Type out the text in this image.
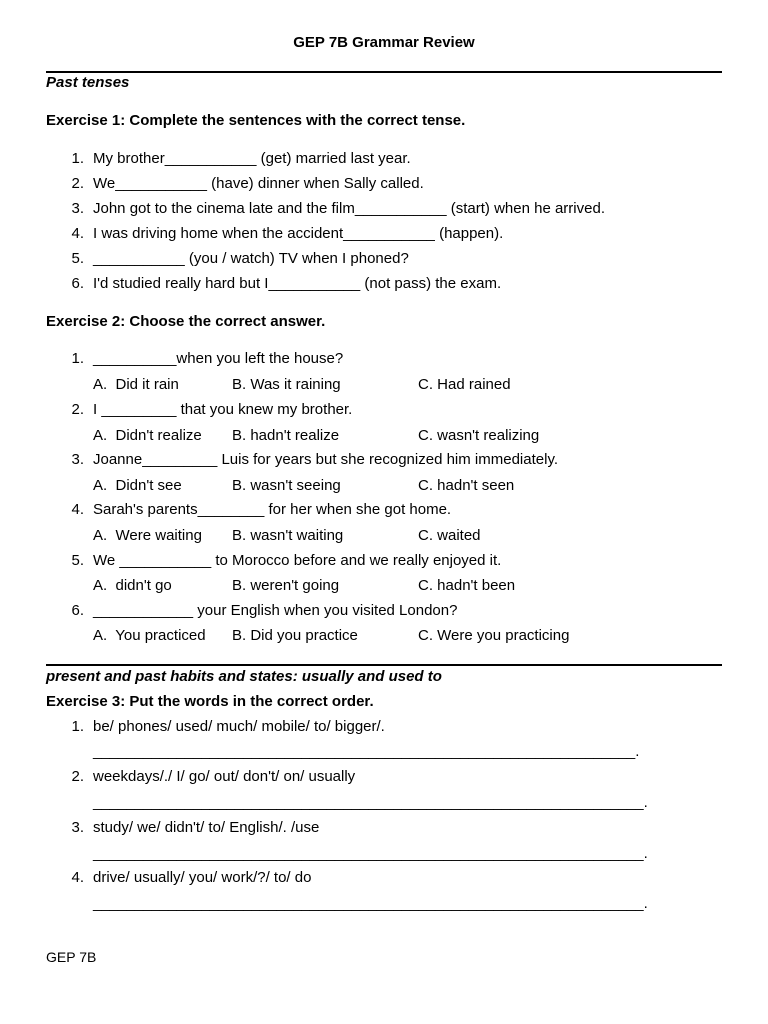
GEP 7B Grammar Review
Past tenses
Exercise 1: Complete the sentences with the correct tense.
1. My brother___________ (get) married last year.
2. We___________ (have) dinner when Sally called.
3. John got to the cinema late and the film___________ (start) when he arrived.
4. I was driving home when the accident___________ (happen).
5. ___________ (you / watch) TV when I phoned?
6. I'd studied really hard but I___________ (not pass) the exam.
Exercise 2: Choose the correct answer.
1. __________when you left the house?
A.  Did it rain	B. Was it raining	C. Had rained
2. I _________ that you knew my brother.
A.  Didn't realize B. hadn't realize	C. wasn't realizing
3. Joanne_________ Luis for years but she recognized him immediately.
A.  Didn't see	B. wasn't seeing	C. hadn't seen
4. Sarah's parents________ for her when she got home.
A.  Were waiting B. wasn't waiting	C. waited
5. We ___________ to Morocco before and we really enjoyed it.
A.  didn't go	B. weren't going	C. hadn't been
6. ____________ your English when you visited London?
A.  You practiced B. Did you practice	C. Were you practicing
present and past habits and states: usually and used to
Exercise 3: Put the words in the correct order.
1. be/ phones/ used/ much/ mobile/ to/ bigger/.
_________________________________________________________________.
2. weekdays/./ I/ go/ out/ don't/ on/ usually
__________________________________________________________________.
3. study/ we/ didn't/ to/ English/. /use
__________________________________________________________________.
4. drive/ usually/ you/ work/?/ to/ do
__________________________________________________________________.
GEP 7B
